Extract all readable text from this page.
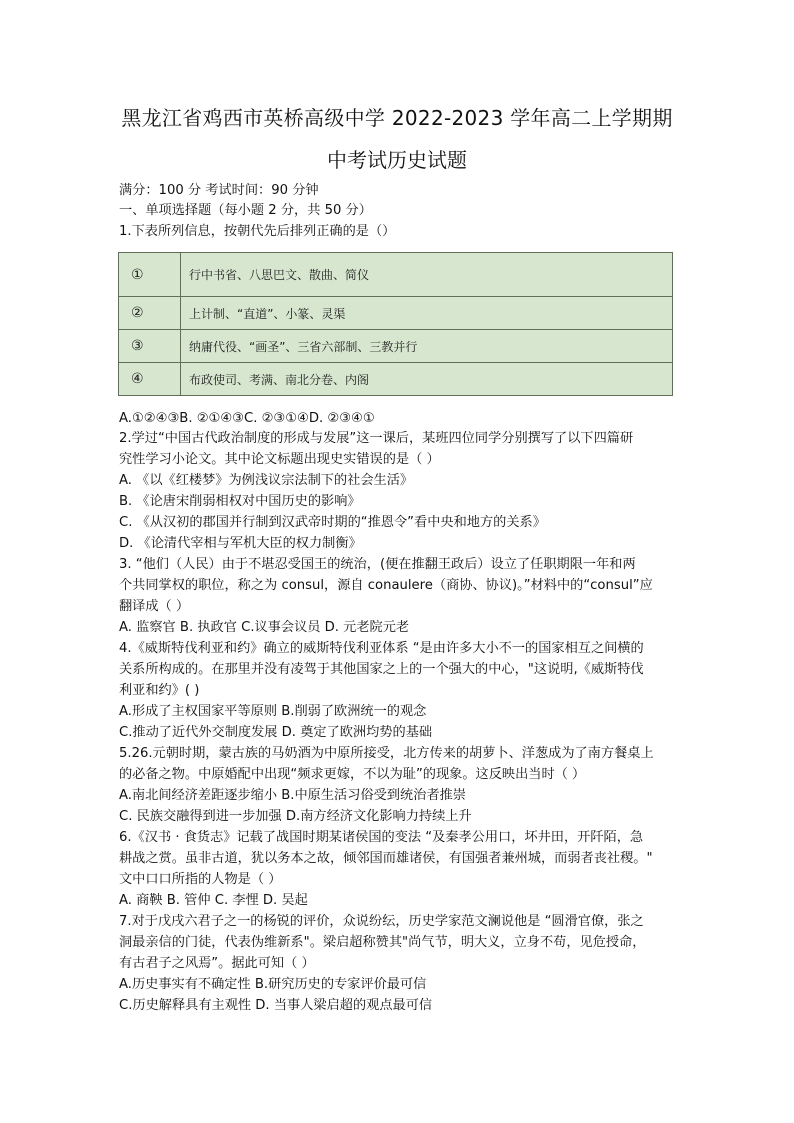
黑龙江省鸡西市英桥高级中学 2022-2023 学年高二上学期期
中考试历史试题
满分：100 分 考试时间：90 分钟
一、单项选择题（每小题 2 分，共 50 分）
1.下表所列信息，按朝代先后排列正确的是（）
①	行中书省、八思巴文、散曲、简仪
②	上计制、“直道”、小篆、灵渠
③	纳庸代役、“画圣”、三省六部制、三教并行
④	布政使司、考满、南北分卷、内阁
A.①②④③B. ②①④③C. ②③①④D. ②③④①
2.学过“中国古代政治制度的形成与发展”这一课后，某班四位同学分别撰写了以下四篇研
究性学习小论文。其中论文标题出现史实错误的是（ ）
A. 《以《红楼梦》为例浅议宗法制下的社会生活》
B. 《论唐宋削弱相权对中国历史的影响》
C. 《从汉初的郡国并行制到汉武帝时期的“推恩令”看中央和地方的关系》
D. 《论清代宰相与军机大臣的权力制衡》
3. “他们（人民）由于不堪忍受国王的统治，(便在推翻王政后）设立了任职期限一年和两
个共同掌权的职位，称之为 consul，源自 conaulere（商协、协议)。”材料中的“consul”应
翻译成（ ）
A. 监察官 B. 执政官 C.议事会议员 D. 元老院元老
4.《威斯特伐利亚和约》确立的威斯特伐利亚体系 “是由许多大小不一的国家相互之间横的
关系所构成的。在那里并没有凌驾于其他国家之上的一个强大的中心，"这说明,《威斯特伐
利亚和约》( )
A.形成了主权国家平等原则 B.削弱了欧洲统一的观念
C.推动了近代外交制度发展 D. 奠定了欧洲均势的基础
5.26.元朝时期，蒙古族的马奶酒为中原所接受，北方传来的胡萝卜、洋葱成为了南方餐桌上
的必备之物。中原婚配中出现“频求更嫁，不以为耻”的现象。这反映出当时（ ）
A.南北间经济差距逐步缩小 B.中原生活习俗受到统治者推崇
C. 民族交融得到进一步加强 D.南方经济文化影响力持续上升
6.《汉书 · 食货志》记载了战国时期某诸侯国的变法 “及秦孝公用口，坏井田，开阡陌，急
耕战之赏。虽非古道，犹以务本之故，倾邻国而雄诸侯，有国强者兼州城，而弱者丧社稷。"
文中口口所指的人物是（ ）
A. 商鞅 B. 管仲 C. 李悝 D. 吴起
7.对于戊戌六君子之一的杨锐的评价，众说纷纭，历史学家范文澜说他是 “圆滑官僚，张之
洞最亲信的门徒，代表伪维新系"。梁启超称赞其"尚气节，明大义，立身不苟，见危授命，
有古君子之风焉”。据此可知（ ）
A.历史事实有不确定性 B.研究历史的专家评价最可信
C.历史解释具有主观性 D. 当事人梁启超的观点最可信
